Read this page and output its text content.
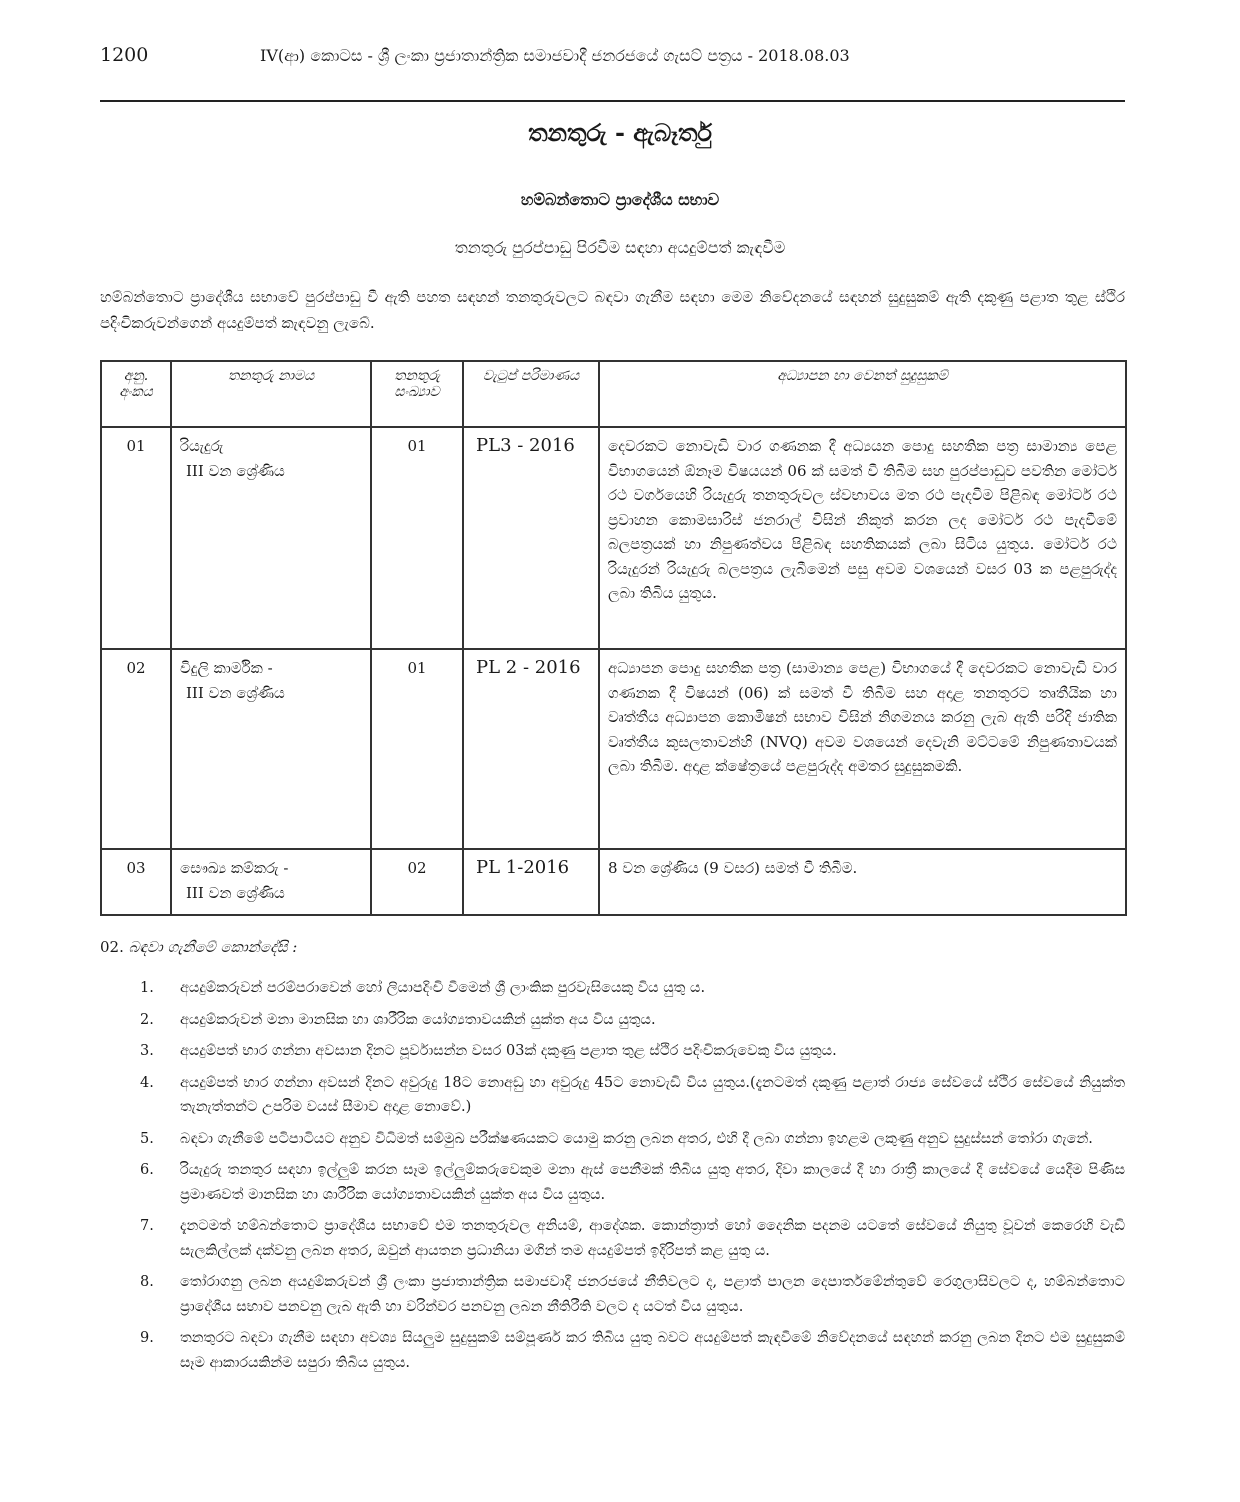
1200	IV(ආ) කොටස - ශ්‍රී ලංකා ප්‍රජාතාන්ත්‍රික සමාජවාදී ජනරජයේ ගැසට් පත්‍රය - 2018.08.03
තනතුරු - ඇබෑර්තු
හම්බන්තොට ප්‍රාදේශීය සභාව
තනතුරු පුරප්පාඩු පිරවීම සඳහා අයදුම්පත් කැඳවීම

හම්බන්තොට ප්‍රාදේශීය සභාවේ පුරප්පාඩු වී ඇති පහත සඳහන් තනතුරුවලට බඳවා ගැනීම සඳහා මෙම නිවේදනයේ සඳහන් සුදුසුකම් ඇති දකුණු පළාත තුළ ස්ථිර පදිංචිකරුවන්ගෙන් අයදුම්පත් කැඳවනු ලැබේ.

අනු. අංකය	තනතුරු නාමය	තනතුරු සංඛ්‍යාව	වැටුප් පරිමාණය	අධ්‍යාපන හා වෙනත් සුදුසුකම්
01	රියැදුරු
III වන ශ්‍රේණිය	01	PL3 - 2016	දෙවරකට නොවැඩි වාර ගණනක දී අධ්‍යයන පොදු සහතික පත්‍ර සාමාන්‍ය පෙළ විභාගයෙන් ඕනෑම විෂයයන් 06 ක් සමත් වී තිබීම සහ පුරප්පාඩුව පවතින මෝටර් රථ වර්ගයෙහි රියැදුරු තනතුරුවල ස්වභාවය මත රථ පැදවීම පිළිබඳ මෝටර් රථ ප්‍රවාහන කොමසාරිස් ජනරාල් විසින් නිකුත් කරන ලද මෝටර් රථ පැදවීමේ බලපත්‍රයක් හා නිපුණත්වය පිළිබඳ සහතිකයක් ලබා සිටිය යුතුය. මෝටර් රථ රියැදුරන් රියැදුරු බලපත්‍රය ලැබීමෙන් පසු අවම වශයෙන් වසර 03 ක පළපුරුද්ද ලබා තිබිය යුතුය.
02	විදුලි කාර්මික -
III වන ශ්‍රේණිය	01	PL 2 - 2016	අධ්‍යාපන පොදු සහතික පත්‍ර (සාමාන්‍ය පෙළ) විභාගයේ දී දෙවරකට නොවැඩි වාර ගණනක දී විෂයන් (06) ක් සමත් වී තිබීම සහ අදාළ තනතුරට තෘතීයික හා වෘත්තීය අධ්‍යාපන කොමිෂන් සභාව විසින් නිගමනය කරනු ලැබ ඇති පරිදි ජාතික වෘත්තීය කුසලතාවන්හි (NVQ) අවම වශයෙන් දෙවැනි මට්ටමේ නිපුණතාවයක් ලබා තිබීම. අදාළ ක්ෂේත්‍රයේ පළපුරුද්ද අමතර සුදුසුකමකි.
03	සෞඛ්‍ය කම්කරු -
III වන ශ්‍රේණිය	02	PL 1-2016	8 වන ශ්‍රේණිය (9 වසර) සමත් වී තිබීම.
02. බඳවා ගැනීමේ කොන්දේසි :
1. අයදුම්කරුවන් පරම්පරාවෙන් හෝ ලියාපදිංචි වීමෙන් ශ්‍රී ලාංකික පුරවැසියෙකු විය යුතු ය.
2. අයදුම්කරුවන් මනා මානසික හා ශාරීරික යෝග්‍යතාවයකින් යුක්ත අය විය යුතුය.
3. අයදුම්පත් භාර ගන්නා අවසාන දිනට පූර්වාසන්න වසර 03ක් දකුණු පළාත තුළ ස්ථිර පදිංචිකරුවෙකු විය යුතුය.
4. අයදුම්පත් භාර ගන්නා අවසන් දිනට අවුරුදු 18ට නොඅඩු හා අවුරුදු 45ට නොවැඩි විය යුතුය.(දැනටමත් දකුණු පළාත් රාජ්‍ය සේවයේ ස්ථිර සේවයේ නියුක්ත තැනැත්තන්ට උපරිම වයස් සීමාව අදාළ නොවේ.)
5. බඳවා ගැනීමේ පටිපාටියට අනුව විධිමත් සම්මුඛ පරීක්ෂණයකට යොමු කරනු ලබන අතර, එහි දී ලබා ගන්නා ඉහළම ලකුණු අනුව සුදුස්සන් තෝරා ගැනේ.
6. රියැදුරු තනතුර සඳහා ඉල්ලුම් කරන සෑම ඉල්ලුම්කරුවෙකුම මනා ඇස් පෙනීමක් තිබිය යුතු අතර, දිවා කාලයේ දී හා රාත්‍රී කාලයේ දී සේවයේ යෙදීම පිණිස ප්‍රමාණවත් මානසික හා ශාරීරික යෝග්‍යතාවයකින් යුක්ත අය විය යුතුය.
7. දැනටමත් හම්බන්තොට ප්‍රාදේශීය සභාවේ එම තනතුරුවල අනියම්, ආදේශක. කොන්ත්‍රාත් හෝ දෛනික පදනම යටතේ සේවයේ නියුතු වූවන් කෙරෙහි වැඩි සැලකිල්ලක් දක්වනු ලබන අතර, ඔවුන් ආයතන ප්‍රධානියා මගින් තම අයදුම්පත් ඉදිරිපත් කළ යුතු ය.
8. තෝරාගනු ලබන අයදුම්කරුවන් ශ්‍රී ලංකා ප්‍රජාතාන්ත්‍රික සමාජවාදී ජනරජයේ නීතිවලට ද, පළාත් පාලන දෙපාර්තමේන්තුවේ රෙගුලාසිවලට ද, හම්බන්තොට ප්‍රාදේශීය සභාව පනවනු ලැබ ඇති හා වරින්වර පනවනු ලබන නීතිරීති වලට ද යටත් විය යුතුය.
9. තනතුරට බඳවා ගැනීම සඳහා අවශ්‍ය සියලුම සුදුසුකම් සම්පූර්ණ කර තිබිය යුතු බවට අයදුම්පත් කැඳවීමේ නිවේදනයේ සඳහන් කරනු ලබන දිනට එම සුදුසුකම් සෑම ආකාරයකින්ම සපුරා තිබිය යුතුය.
